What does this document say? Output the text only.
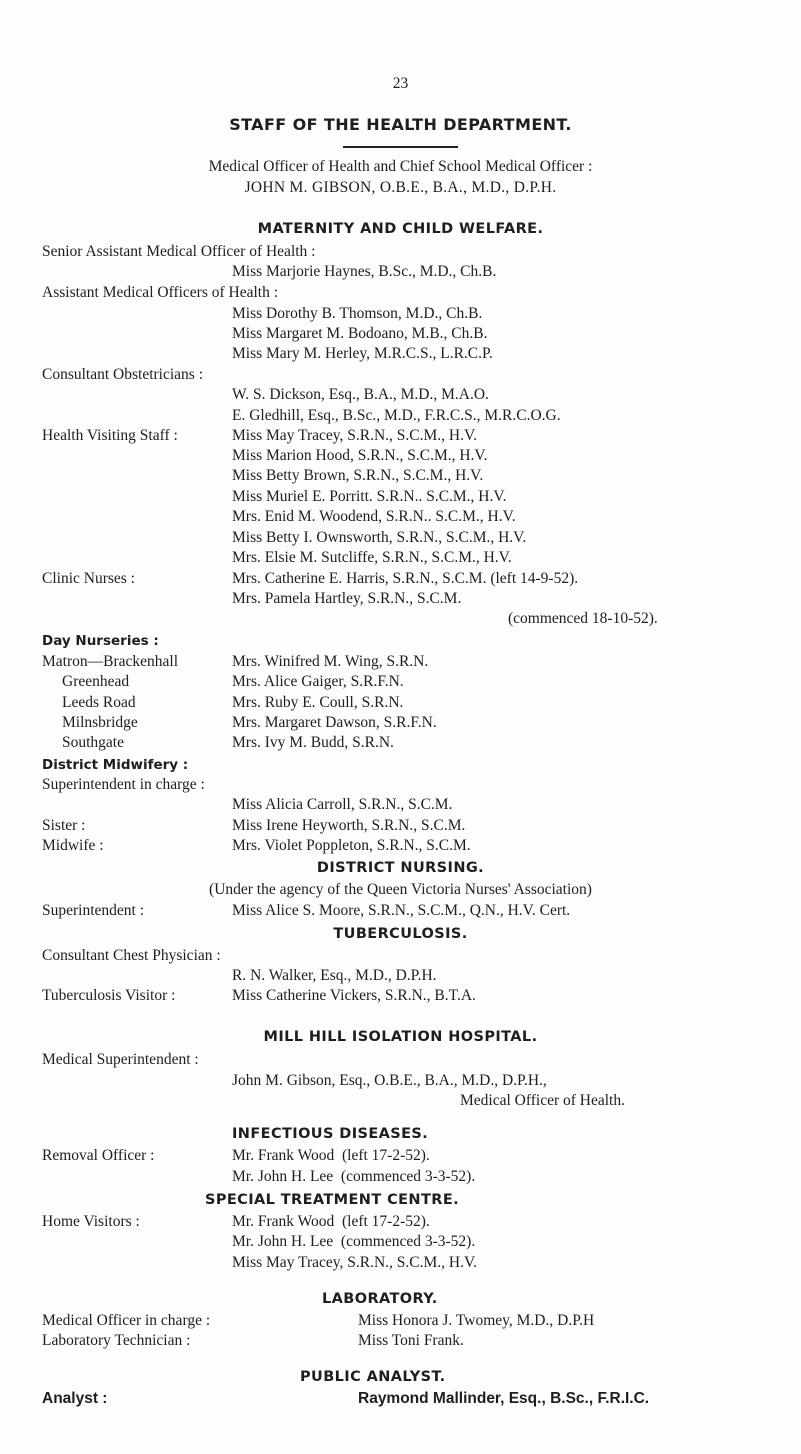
23
STAFF OF THE HEALTH DEPARTMENT.
Medical Officer of Health and Chief School Medical Officer :
JOHN M. GIBSON, O.B.E., B.A., M.D., D.P.H.
MATERNITY AND CHILD WELFARE.
Senior Assistant Medical Officer of Health :
Miss Marjorie Haynes, B.Sc., M.D., Ch.B.
Assistant Medical Officers of Health :
Miss Dorothy B. Thomson, M.D., Ch.B.
Miss Margaret M. Bodoano, M.B., Ch.B.
Miss Mary M. Herley, M.R.C.S., L.R.C.P.
Consultant Obstetricians :
W. S. Dickson, Esq., B.A., M.D., M.A.O.
E. Gledhill, Esq., B.Sc., M.D., F.R.C.S., M.R.C.O.G.
Health Visiting Staff :	Miss May Tracey, S.R.N., S.C.M., H.V.
Miss Marion Hood, S.R.N., S.C.M., H.V.
Miss Betty Brown, S.R.N., S.C.M., H.V.
Miss Muriel E. Porritt. S.R.N.. S.C.M., H.V.
Mrs. Enid M. Woodend, S.R.N.. S.C.M., H.V.
Miss Betty I. Ownsworth, S.R.N., S.C.M., H.V.
Mrs. Elsie M. Sutcliffe, S.R.N., S.C.M., H.V.
Clinic Nurses :	Mrs. Catherine E. Harris, S.R.N., S.C.M. (left 14-9-52).
Mrs. Pamela Hartley, S.R.N., S.C.M.
(commenced 18-10-52).
Day Nurseries :
Matron—Brackenhall	Mrs. Winifred M. Wing, S.R.N.
Greenhead	Mrs. Alice Gaiger, S.R.F.N.
Leeds Road	Mrs. Ruby E. Coull, S.R.N.
Milnsbridge	Mrs. Margaret Dawson, S.R.F.N.
Southgate	Mrs. Ivy M. Budd, S.R.N.
District Midwifery :
Superintendent in charge :
Miss Alicia Carroll, S.R.N., S.C.M.
Sister :	Miss Irene Heyworth, S.R.N., S.C.M.
Midwife :	Mrs. Violet Poppleton, S.R.N., S.C.M.
DISTRICT NURSING.
(Under the agency of the Queen Victoria Nurses' Association)
Superintendent :	Miss Alice S. Moore, S.R.N., S.C.M., Q.N., H.V. Cert.
TUBERCULOSIS.
Consultant Chest Physician :
R. N. Walker, Esq., M.D., D.P.H.
Tuberculosis Visitor :	Miss Catherine Vickers, S.R.N., B.T.A.
MILL HILL ISOLATION HOSPITAL.
Medical Superintendent :
John M. Gibson, Esq., O.B.E., B.A., M.D., D.P.H.,
Medical Officer of Health.
INFECTIOUS DISEASES.
Removal Officer :	Mr. Frank Wood  (left 17-2-52).
Mr. John H. Lee  (commenced 3-3-52).
SPECIAL TREATMENT CENTRE.
Home Visitors :	Mr. Frank Wood  (left 17-2-52).
Mr. John H. Lee  (commenced 3-3-52).
Miss May Tracey, S.R.N., S.C.M., H.V.
LABORATORY.
Medical Officer in charge :	Miss Honora J. Twomey, M.D., D.P.H
Laboratory Technician :	Miss Toni Frank.
PUBLIC ANALYST.
Analyst :	Raymond Mallinder, Esq., B.Sc., F.R.I.C.
